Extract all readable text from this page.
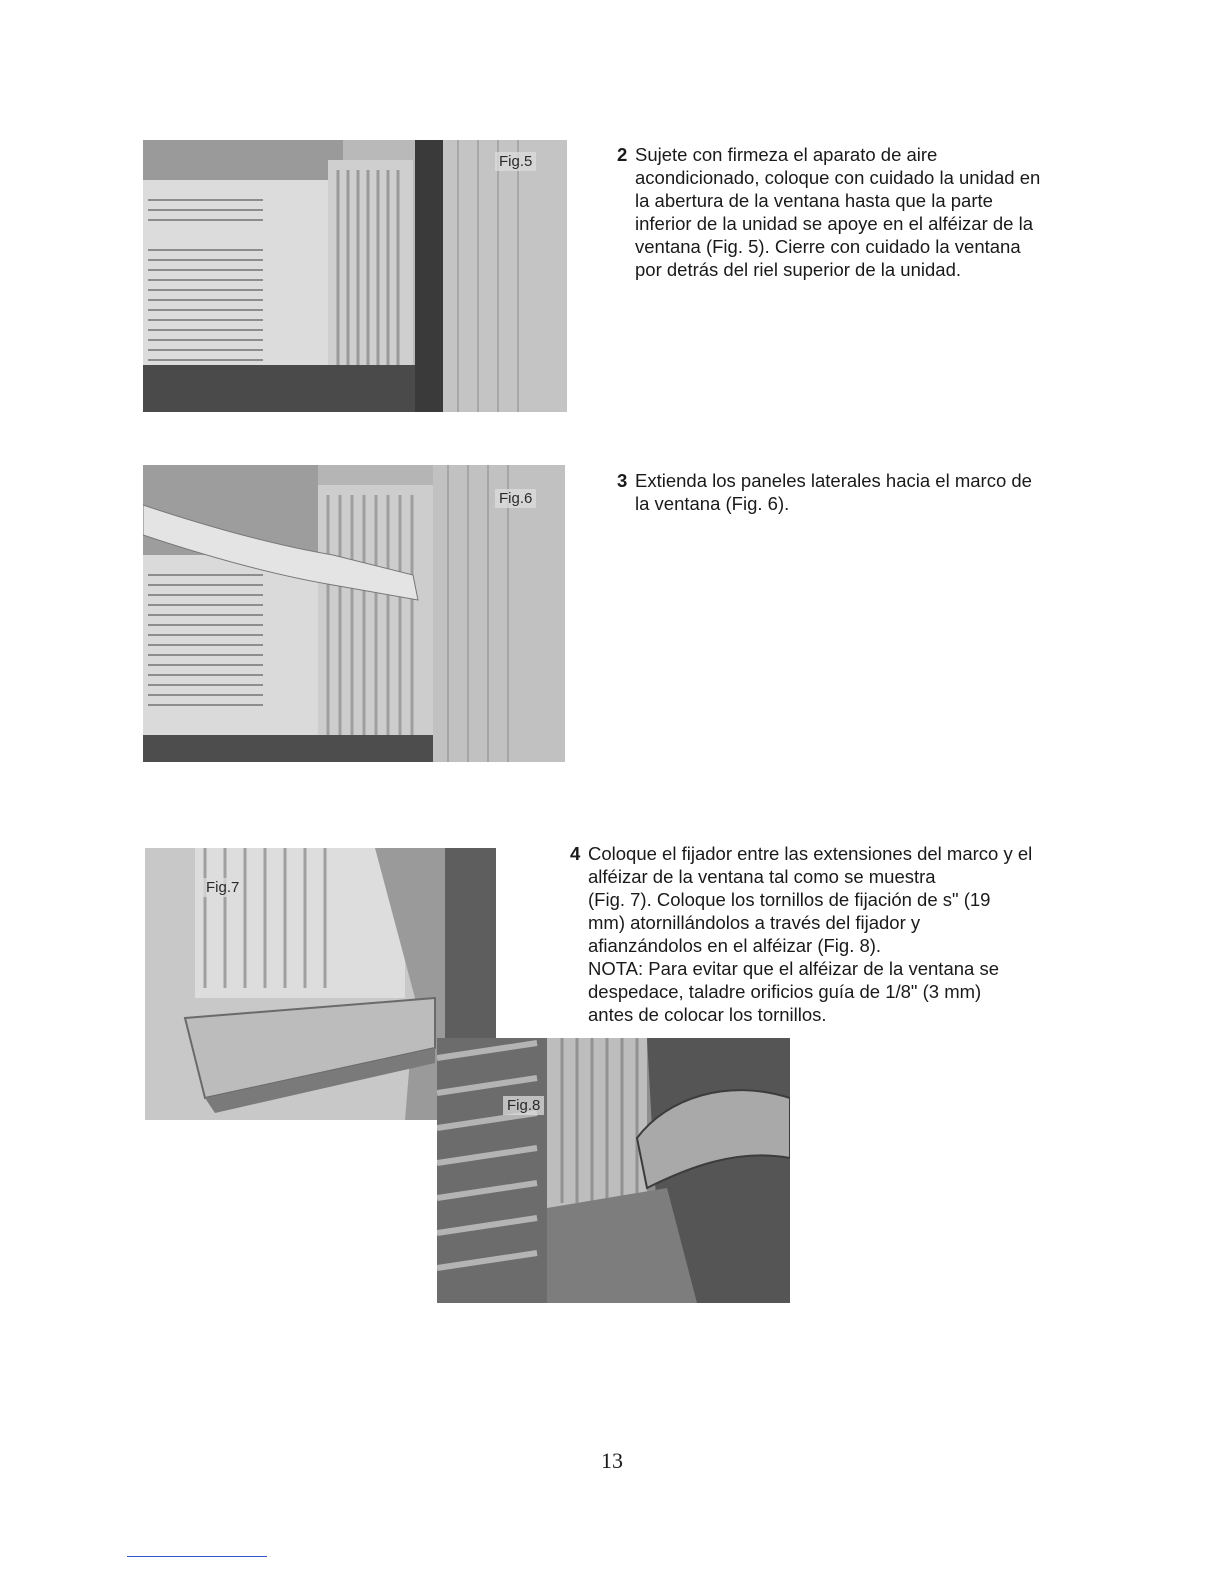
Fig.5	2 Sujete con firmeza el aparato de aire

acondicionado, coloque con cuidado la unidad en

la abertura de la ventana hasta que la parte

inferior de la unidad se apoye en el alféizar de la

ventana (Fig. 5). Cierre con cuidado la ventana

por detrás del riel superior de la unidad.

Fig.6
3 Extienda los paneles laterales hacia el marco de

la ventana (Fig. 6).

Fig.7
Fig.8
4 Coloque el fijador entre las extensiones del marco y el

alféizar de la ventana tal como se muestra

(Fig. 7). Coloque los tornillos de fijación de s" (19

mm) atornillándolos a través del fijador y

afianzándolos en el alféizar (Fig. 8).

NOTA: Para evitar que el alféizar de la ventana se

despedace, taladre orificios guía de 1/8" (3 mm)

antes de colocar los tornillos.

13
